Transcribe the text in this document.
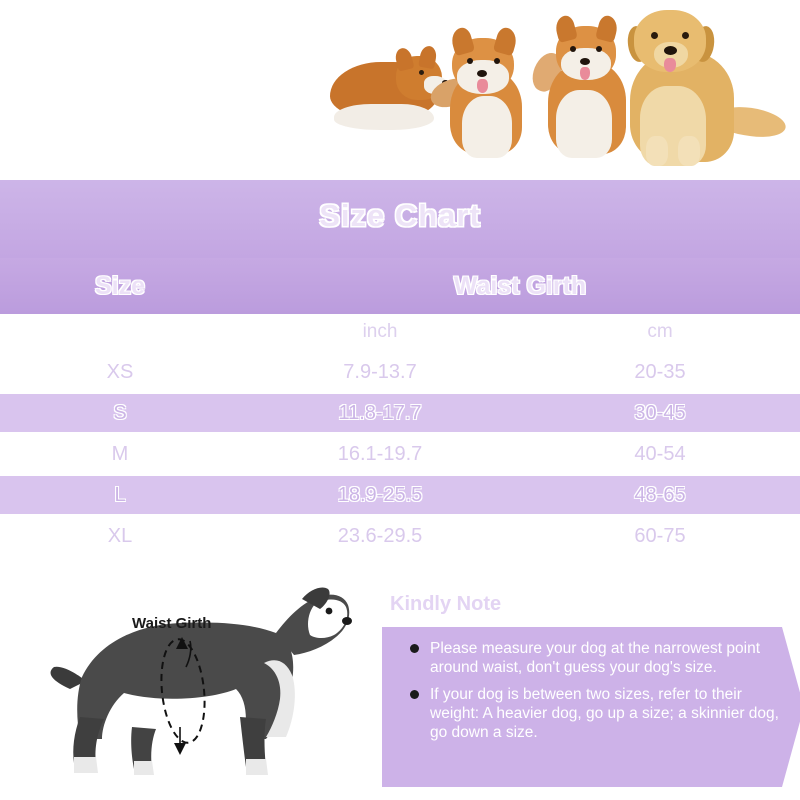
Size Chart
Size	Waist Girth	
	inch	cm

XS	7.9-13.7	20-35

S	11.8-17.7	30-45

M	16.1-19.7	40-54

L	18.9-25.5	48-65

XL	23.6-29.5	60-75

Waist Girth
Kindly Note
Please measure your dog at the narrowest point around waist, don't guess your dog's size.
If your dog is between two sizes, refer to their weight: A heavier dog, go up a size; a skinnier dog, go down a size.
